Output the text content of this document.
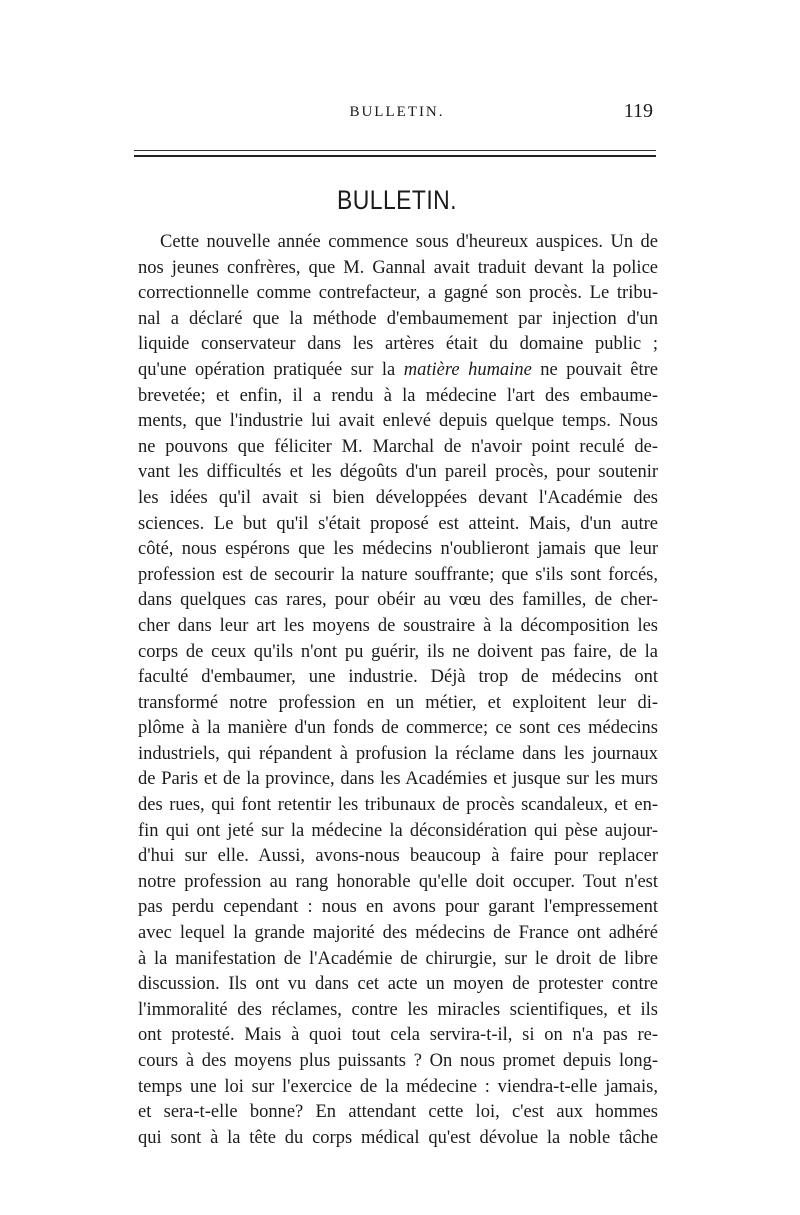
BULLETIN.	119
BULLETIN.
Cette nouvelle année commence sous d'heureux auspices. Un de
nos jeunes confrères, que M. Gannal avait traduit devant la police
correctionnelle comme contrefacteur, a gagné son procès. Le tribu-
nal a déclaré que la méthode d'embaumement par injection d'un
liquide conservateur dans les artères était du domaine public ;
qu'une opération pratiquée sur la matière humaine ne pouvait être
brevetée; et enfin, il a rendu à la médecine l'art des embaume-
ments, que l'industrie lui avait enlevé depuis quelque temps. Nous
ne pouvons que féliciter M. Marchal de n'avoir point reculé de-
vant les difficultés et les dégoûts d'un pareil procès, pour soutenir
les idées qu'il avait si bien développées devant l'Académie des
sciences. Le but qu'il s'était proposé est atteint. Mais, d'un autre
côté, nous espérons que les médecins n'oublieront jamais que leur
profession est de secourir la nature souffrante; que s'ils sont forcés,
dans quelques cas rares, pour obéir au vœu des familles, de cher-
cher dans leur art les moyens de soustraire à la décomposition les
corps de ceux qu'ils n'ont pu guérir, ils ne doivent pas faire, de la
faculté d'embaumer, une industrie. Déjà trop de médecins ont
transformé notre profession en un métier, et exploitent leur di-
plôme à la manière d'un fonds de commerce; ce sont ces médecins
industriels, qui répandent à profusion la réclame dans les journaux
de Paris et de la province, dans les Académies et jusque sur les murs
des rues, qui font retentir les tribunaux de procès scandaleux, et en-
fin qui ont jeté sur la médecine la déconsidération qui pèse aujour-
d'hui sur elle. Aussi, avons-nous beaucoup à faire pour replacer
notre profession au rang honorable qu'elle doit occuper. Tout n'est
pas perdu cependant : nous en avons pour garant l'empressement
avec lequel la grande majorité des médecins de France ont adhéré
à la manifestation de l'Académie de chirurgie, sur le droit de libre
discussion. Ils ont vu dans cet acte un moyen de protester contre
l'immoralité des réclames, contre les miracles scientifiques, et ils
ont protesté. Mais à quoi tout cela servira-t-il, si on n'a pas re-
cours à des moyens plus puissants ? On nous promet depuis long-
temps une loi sur l'exercice de la médecine : viendra-t-elle jamais,
et sera-t-elle bonne? En attendant cette loi, c'est aux hommes
qui sont à la tête du corps médical qu'est dévolue la noble tâche
